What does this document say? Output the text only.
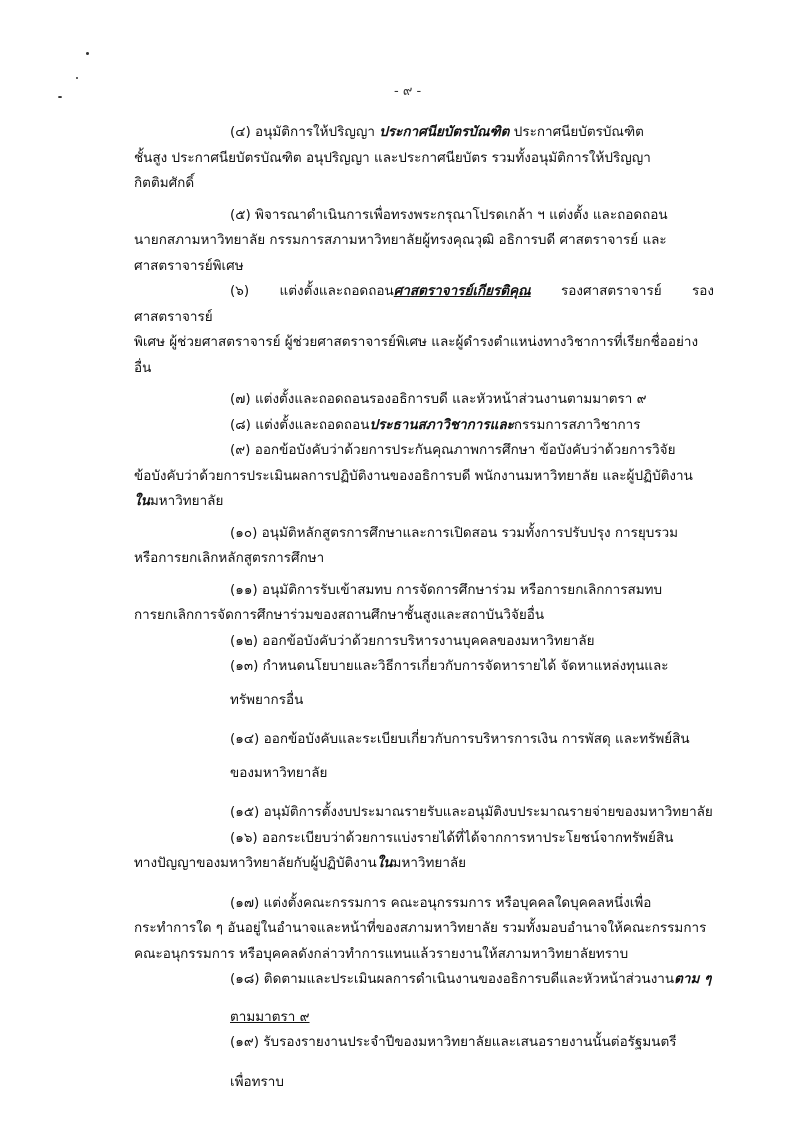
- ๙ -

(๔) อนุมัติการให้ปริญญา ประกาศนียบัตรบัณฑิต ประกาศนียบัตรบัณฑิต
ชั้นสูง ประกาศนียบัตรบัณฑิต อนุปริญญา และประกาศนียบัตร รวมทั้งอนุมัติการให้ปริญญา
กิตติมศักดิ์

(๕) พิจารณาดำเนินการเพื่อทรงพระกรุณาโปรดเกล้า ฯ แต่งตั้ง และถอดถอน
นายกสภามหาวิทยาลัย กรรมการสภามหาวิทยาลัยผู้ทรงคุณวุฒิ อธิการบดี ศาสตราจารย์ และ
ศาสตราจารย์พิเศษ

(๖) แต่งตั้งและถอดถอนศาสตราจารย์เกียรติคุณ รองศาสตราจารย์ รองศาสตราจารย์
พิเศษ ผู้ช่วยศาสตราจารย์ ผู้ช่วยศาสตราจารย์พิเศษ และผู้ดำรงตำแหน่งทางวิชาการที่เรียกชื่ออย่าง
อื่น

(๗) แต่งตั้งและถอดถอนรองอธิการบดี และหัวหน้าส่วนงานตามมาตรา ๙

(๘) แต่งตั้งและถอดถอนประธานสภาวิชาการและกรรมการสภาวิชาการ

(๙) ออกข้อบังคับว่าด้วยการประกันคุณภาพการศึกษา ข้อบังคับว่าด้วยการวิจัย
ข้อบังคับว่าด้วยการประเมินผลการปฏิบัติงานของอธิการบดี พนักงานมหาวิทยาลัย และผู้ปฏิบัติงาน
ในมหาวิทยาลัย

(๑๐) อนุมัติหลักสูตรการศึกษาและการเปิดสอน รวมทั้งการปรับปรุง การยุบรวม
หรือการยกเลิกหลักสูตรการศึกษา

(๑๑) อนุมัติการรับเข้าสมทบ การจัดการศึกษาร่วม หรือการยกเลิกการสมทบ
การยกเลิกการจัดการศึกษาร่วมของสถานศึกษาชั้นสูงและสถาบันวิจัยอื่น

(๑๒) ออกข้อบังคับว่าด้วยการบริหารงานบุคคลของมหาวิทยาลัย

(๑๓) กำหนดนโยบายและวิธีการเกี่ยวกับการจัดหารายได้ จัดหาแหล่งทุนและ
ทรัพยากรอื่น

(๑๔) ออกข้อบังคับและระเบียบเกี่ยวกับการบริหารการเงิน การพัสดุ และทรัพย์สิน
ของมหาวิทยาลัย

(๑๕) อนุมัติการตั้งงบประมาณรายรับและอนุมัติงบประมาณรายจ่ายของมหาวิทยาลัย

(๑๖) ออกระเบียบว่าด้วยการแบ่งรายได้ที่ได้จากการหาประโยชน์จากทรัพย์สิน
ทางปัญญาของมหาวิทยาลัยกับผู้ปฏิบัติงานในมหาวิทยาลัย

(๑๗) แต่งตั้งคณะกรรมการ คณะอนุกรรมการ หรือบุคคลใดบุคคลหนึ่งเพื่อ
กระทำการใด ๆ อันอยู่ในอำนาจและหน้าที่ของสภามหาวิทยาลัย รวมทั้งมอบอำนาจให้คณะกรรมการ
คณะอนุกรรมการ หรือบุคคลดังกล่าวทำการแทนแล้วรายงานให้สภามหาวิทยาลัยทราบ

(๑๘) ติดตามและประเมินผลการดำเนินงานของอธิการบดีและหัวหน้าส่วนงานตาม ๆ
ตามมาตรา ๙

(๑๙) รับรองรายงานประจำปีของมหาวิทยาลัยและเสนอรายงานนั้นต่อรัฐมนตรี
เพื่อทราบ
